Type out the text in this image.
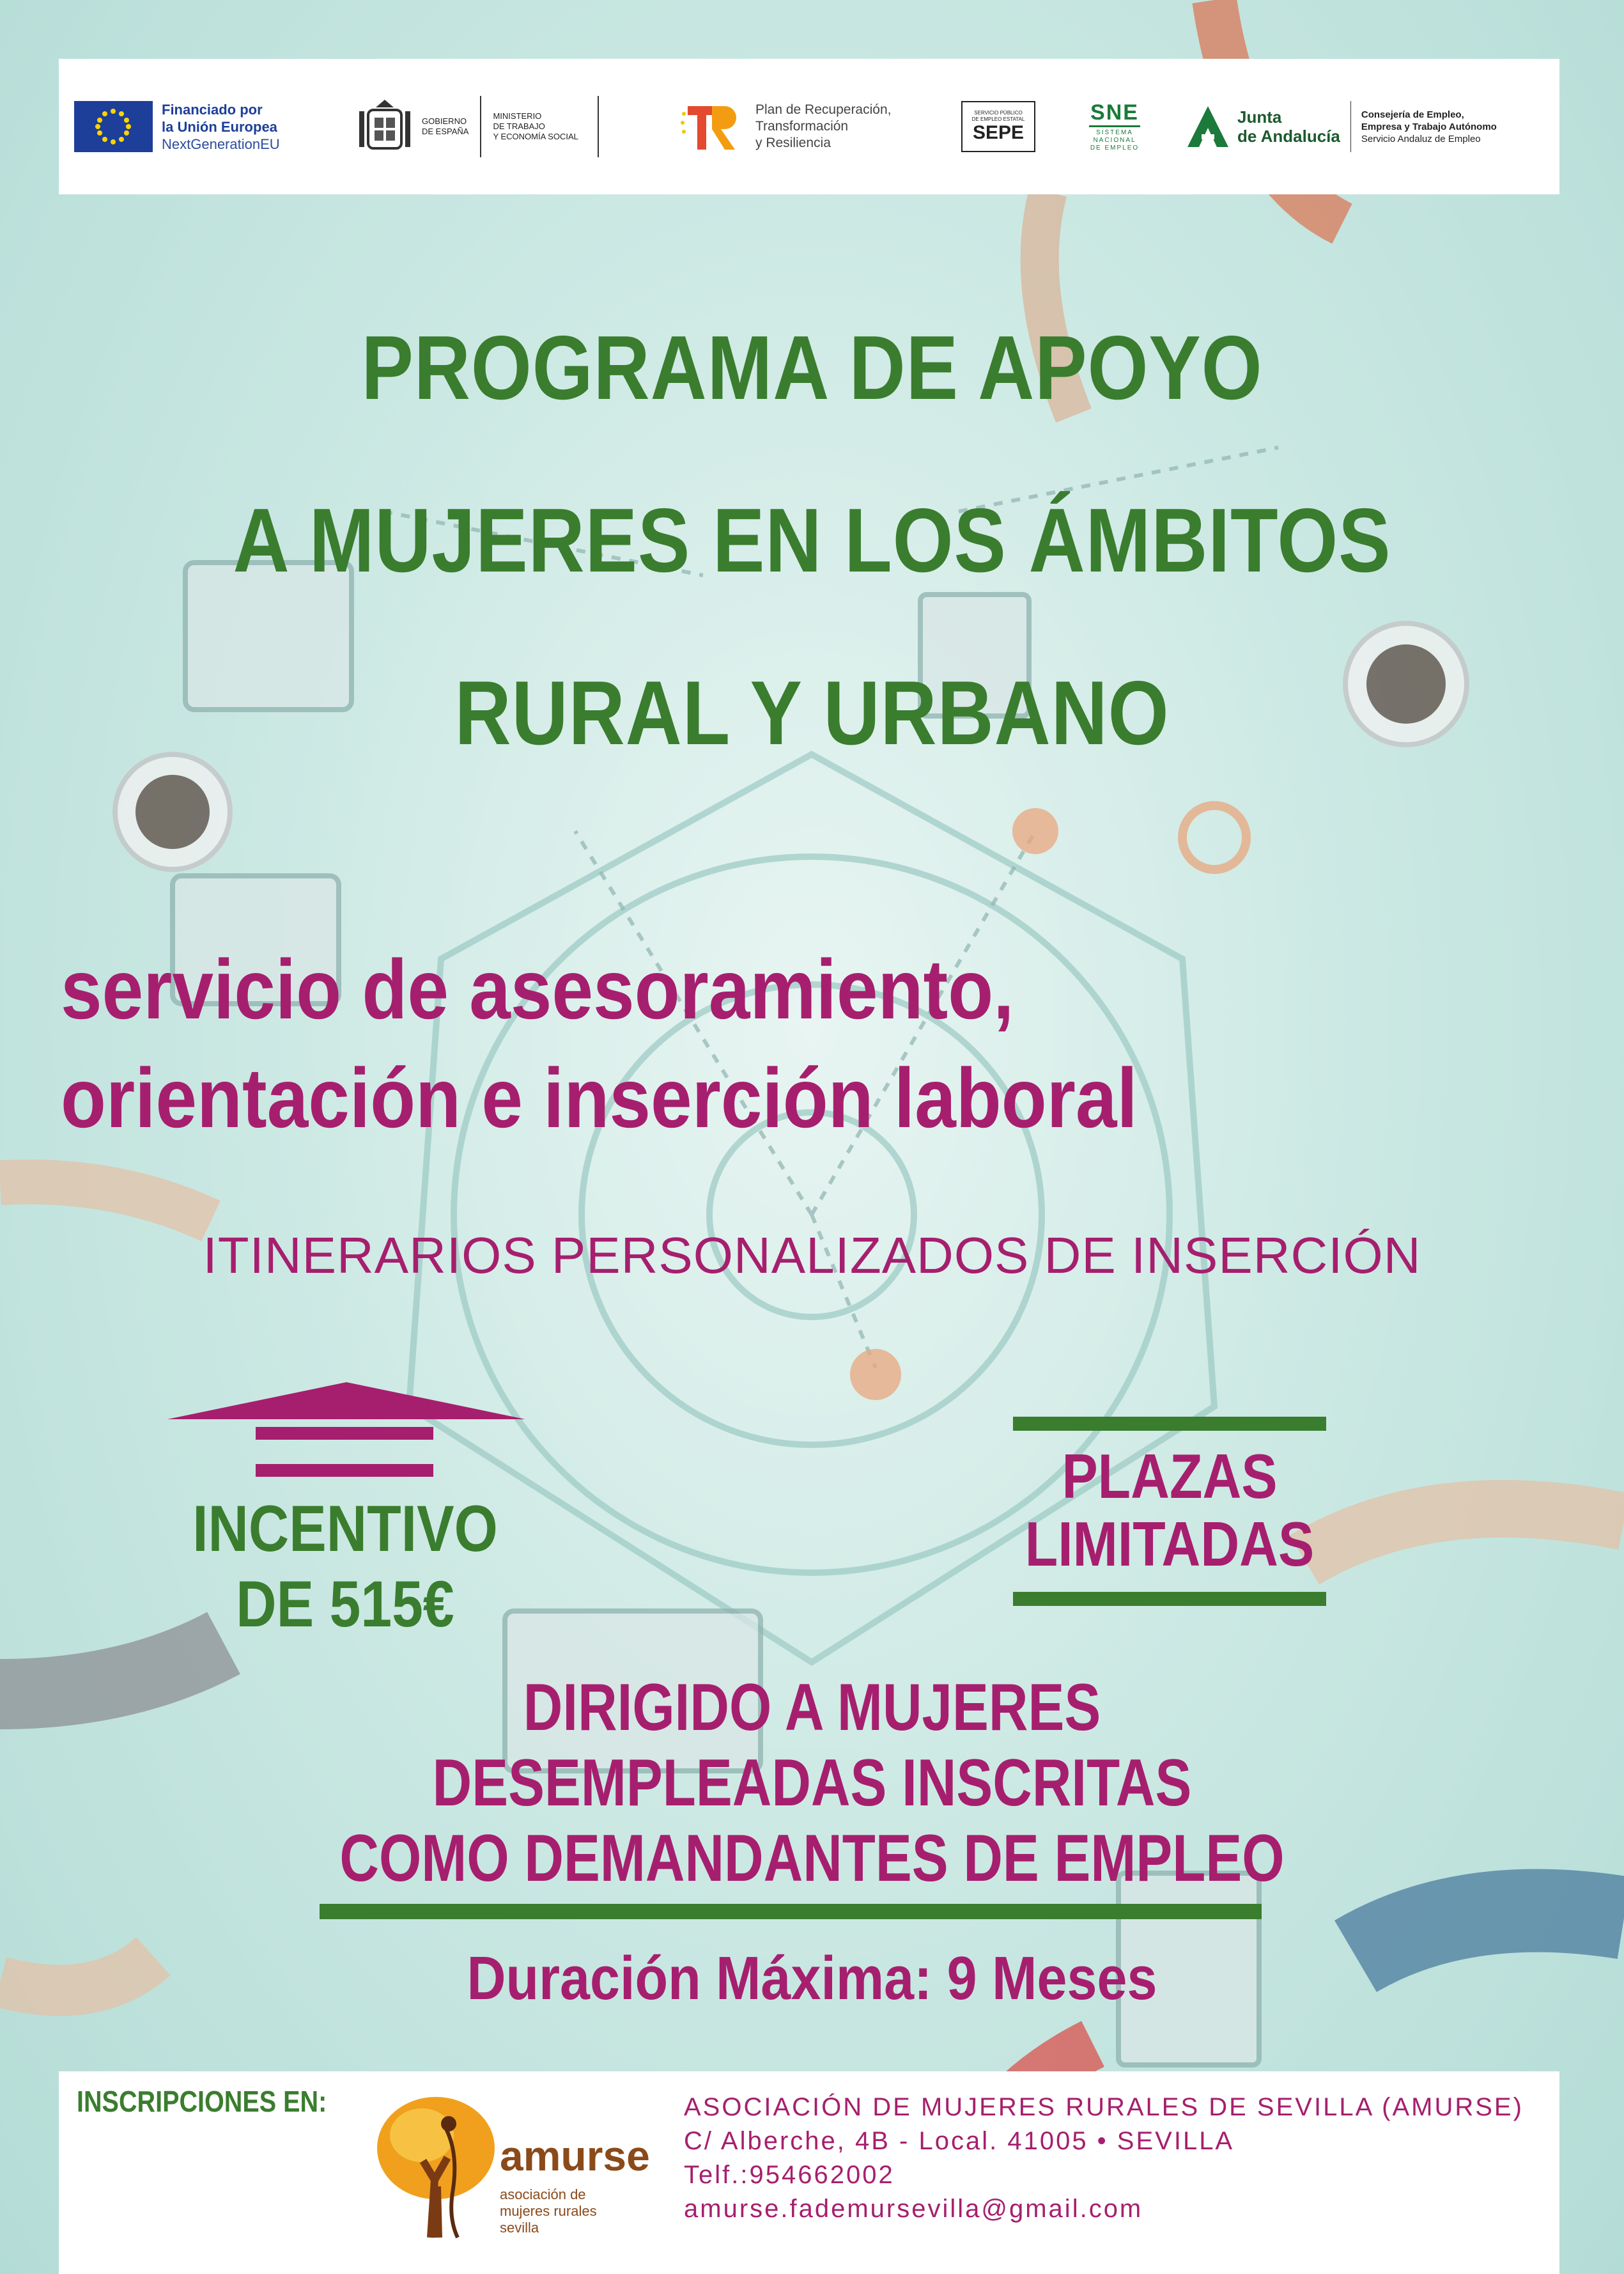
Financiado por
la Unión Europea
NextGenerationEU
GOBIERNO
DE ESPAÑA
MINISTERIO
DE TRABAJO
Y ECONOMÍA SOCIAL
Plan de Recuperación,
Transformación
y Resiliencia
SERVICIO PÚBLICO
DE EMPLEO ESTATAL
SEPE
SNE
SISTEMA
NACIONAL
DE EMPLEO
Junta
de Andalucía
Consejería de Empleo,
Empresa y Trabajo Autónomo
Servicio Andaluz de Empleo
PROGRAMA DE APOYO
A MUJERES EN LOS ÁMBITOS
RURAL Y URBANO
servicio de asesoramiento,
orientación e inserción laboral
ITINERARIOS PERSONALIZADOS DE INSERCIÓN
INCENTIVO
DE 515€
PLAZAS
LIMITADAS
DIRIGIDO A MUJERES
DESEMPLEADAS INSCRITAS
COMO DEMANDANTES DE EMPLEO
Duración Máxima: 9 Meses
INSCRIPCIONES EN:
amurse
asociación de
mujeres rurales
sevilla
ASOCIACIÓN DE MUJERES RURALES DE SEVILLA (AMURSE)
C/ Alberche, 4B - Local. 41005 • SEVILLA
Telf.:954662002
amurse.fademursevilla@gmail.com
